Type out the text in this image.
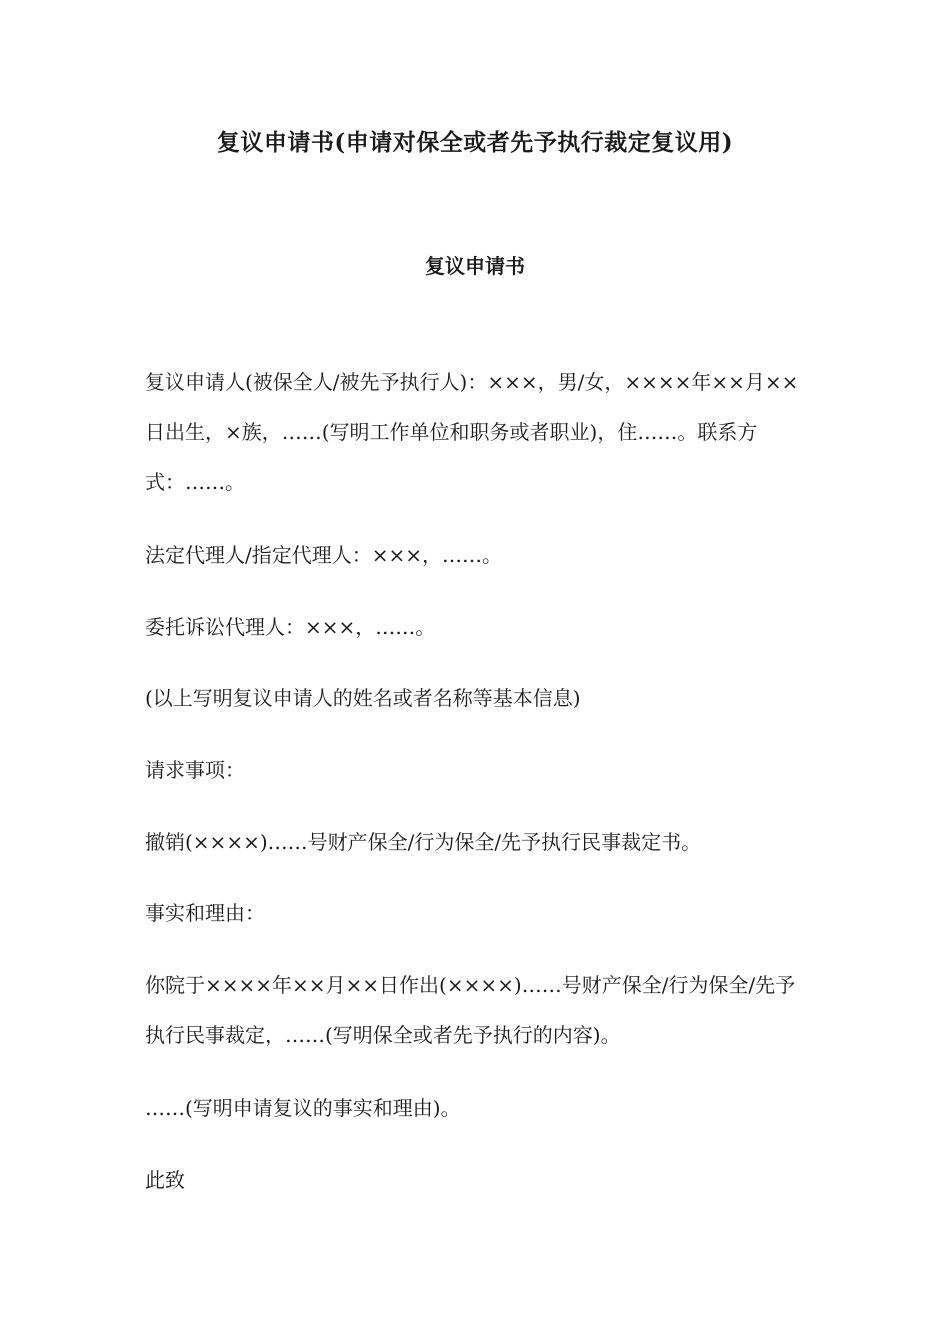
复议申请书(申请对保全或者先予执行裁定复议用)
复议申请书

复议申请人(被保全人/被先予执行人)：×××，男/女，××××年××月××日出生，×族，……(写明工作单位和职务或者职业)，住……。联系方式：……。

法定代理人/指定代理人：×××，……。

委托诉讼代理人：×××，……。

(以上写明复议申请人的姓名或者名称等基本信息)

请求事项：

撤销(××××)……号财产保全/行为保全/先予执行民事裁定书。

事实和理由：

你院于××××年××月××日作出(××××)……号财产保全/行为保全/先予执行民事裁定，……(写明保全或者先予执行的内容)。

……(写明申请复议的事实和理由)。

此致
